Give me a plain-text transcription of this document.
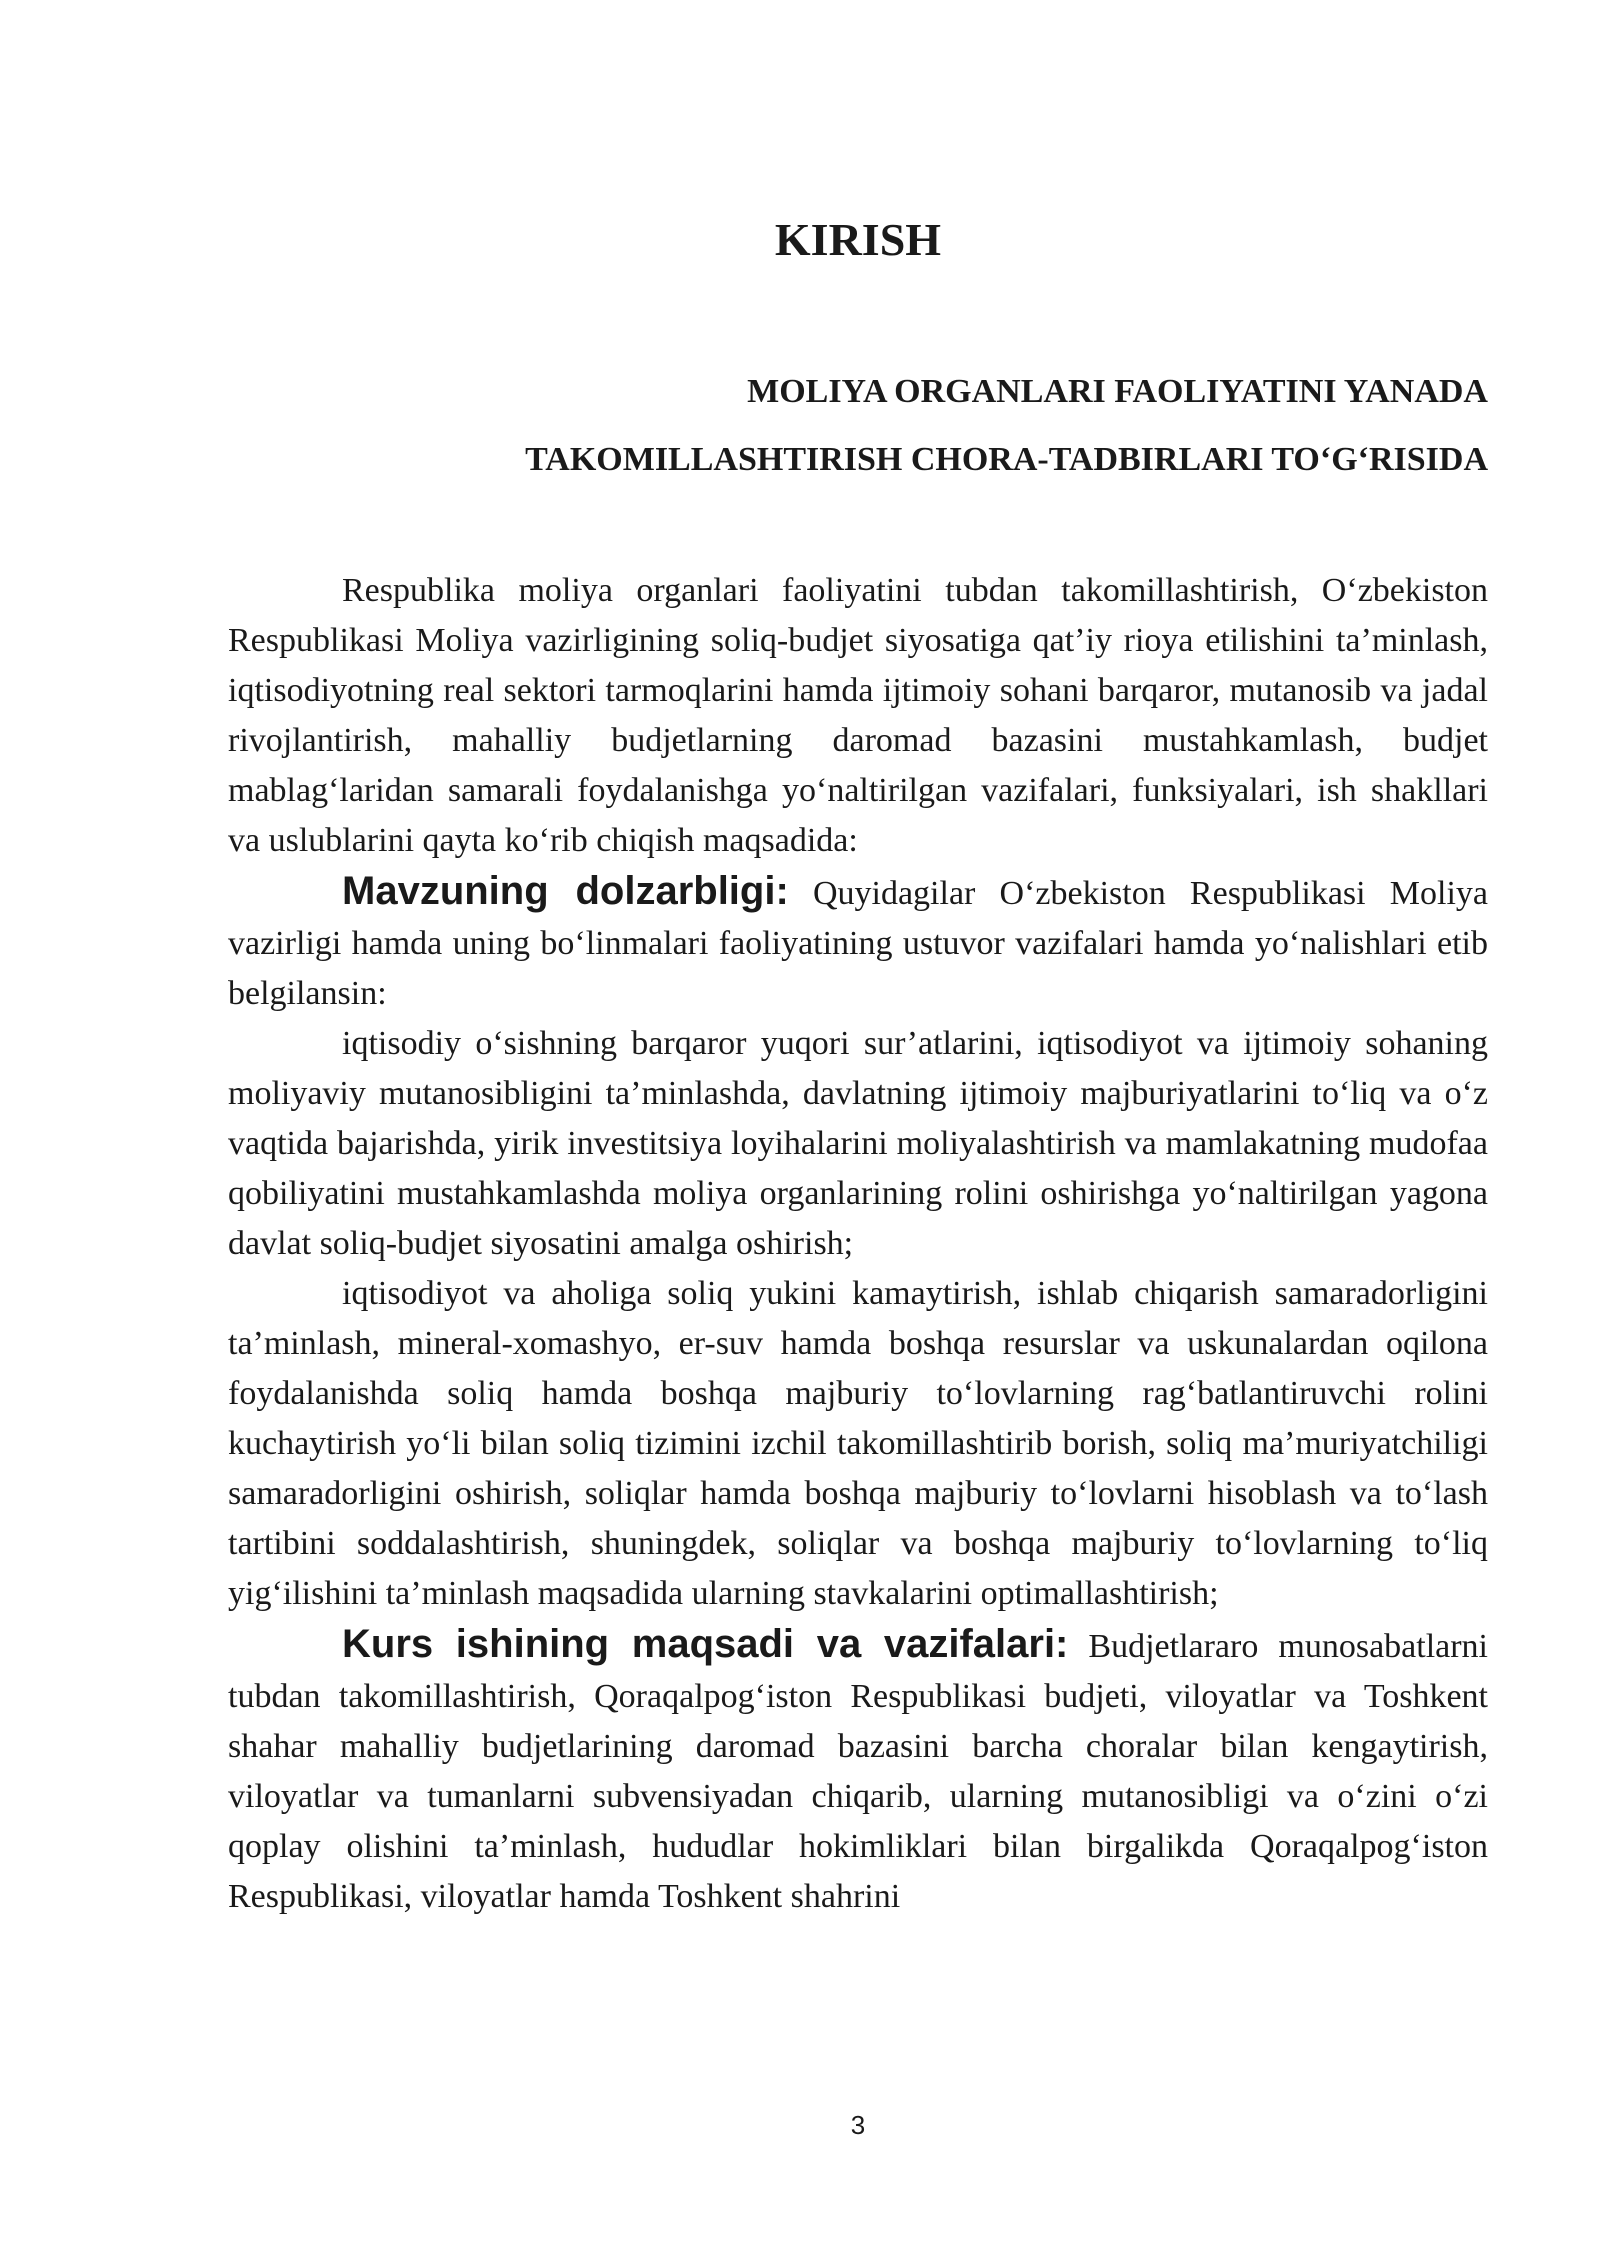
KIRISH
MOLIYA ORGANLARI FAOLIYATINI YANADA
TAKOMILLASHTIRISH CHORA-TADBIRLARI TO‘G‘RISIDA

Respublika moliya organlari faoliyatini tubdan takomillashtirish, O‘zbekiston Respublikasi Moliya vazirligining soliq-budjet siyosatiga qat’iy rioya etilishini ta’minlash, iqtisodiyotning real sektori tarmoqlarini hamda ijtimoiy sohani barqaror, mutanosib va jadal rivojlantirish, mahalliy budjetlarning daromad bazasini mustahkamlash, budjet mablag‘laridan samarali foydalanishga yo‘naltirilgan vazifalari, funksiyalari, ish shakllari va uslublarini qayta ko‘rib chiqish maqsadida:

Mavzuning dolzarbligi: Quyidagilar O‘zbekiston Respublikasi Moliya vazirligi hamda uning bo‘linmalari faoliyatining ustuvor vazifalari hamda yo‘nalishlari etib belgilansin:

iqtisodiy o‘sishning barqaror yuqori sur’atlarini, iqtisodiyot va ijtimoiy sohaning moliyaviy mutanosibligini ta’minlashda, davlatning ijtimoiy majburiyatlarini to‘liq va o‘z vaqtida bajarishda, yirik investitsiya loyihalarini moliyalashtirish va mamlakatning mudofaa qobiliyatini mustahkamlashda moliya organlarining rolini oshirishga yo‘naltirilgan yagona davlat soliq-budjet siyosatini amalga oshirish;

iqtisodiyot va aholiga soliq yukini kamaytirish, ishlab chiqarish samaradorligini ta’minlash, mineral-xomashyo, er-suv hamda boshqa resurslar va uskunalardan oqilona foydalanishda soliq hamda boshqa majburiy to‘lovlarning rag‘batlantiruvchi rolini kuchaytirish yo‘li bilan soliq tizimini izchil takomillashtirib borish, soliq ma’muriyatchiligi samaradorligini oshirish, soliqlar hamda boshqa majburiy to‘lovlarni hisoblash va to‘lash tartibini soddalashtirish, shuningdek, soliqlar va boshqa majburiy to‘lovlarning to‘liq yig‘ilishini ta’minlash maqsadida ularning stavkalarini optimallashtirish;

Kurs ishining maqsadi va vazifalari: Budjetlararo munosabatlarni tubdan takomillashtirish, Qoraqalpog‘iston Respublikasi budjeti, viloyatlar va Toshkent shahar mahalliy budjetlarining daromad bazasini barcha choralar bilan kengaytirish, viloyatlar va tumanlarni subvensiyadan chiqarib, ularning mutanosibligi va o‘zini o‘zi qoplay olishini ta’minlash, hududlar hokimliklari bilan birgalikda Qoraqalpog‘iston Respublikasi, viloyatlar hamda Toshkent shahrini

3
